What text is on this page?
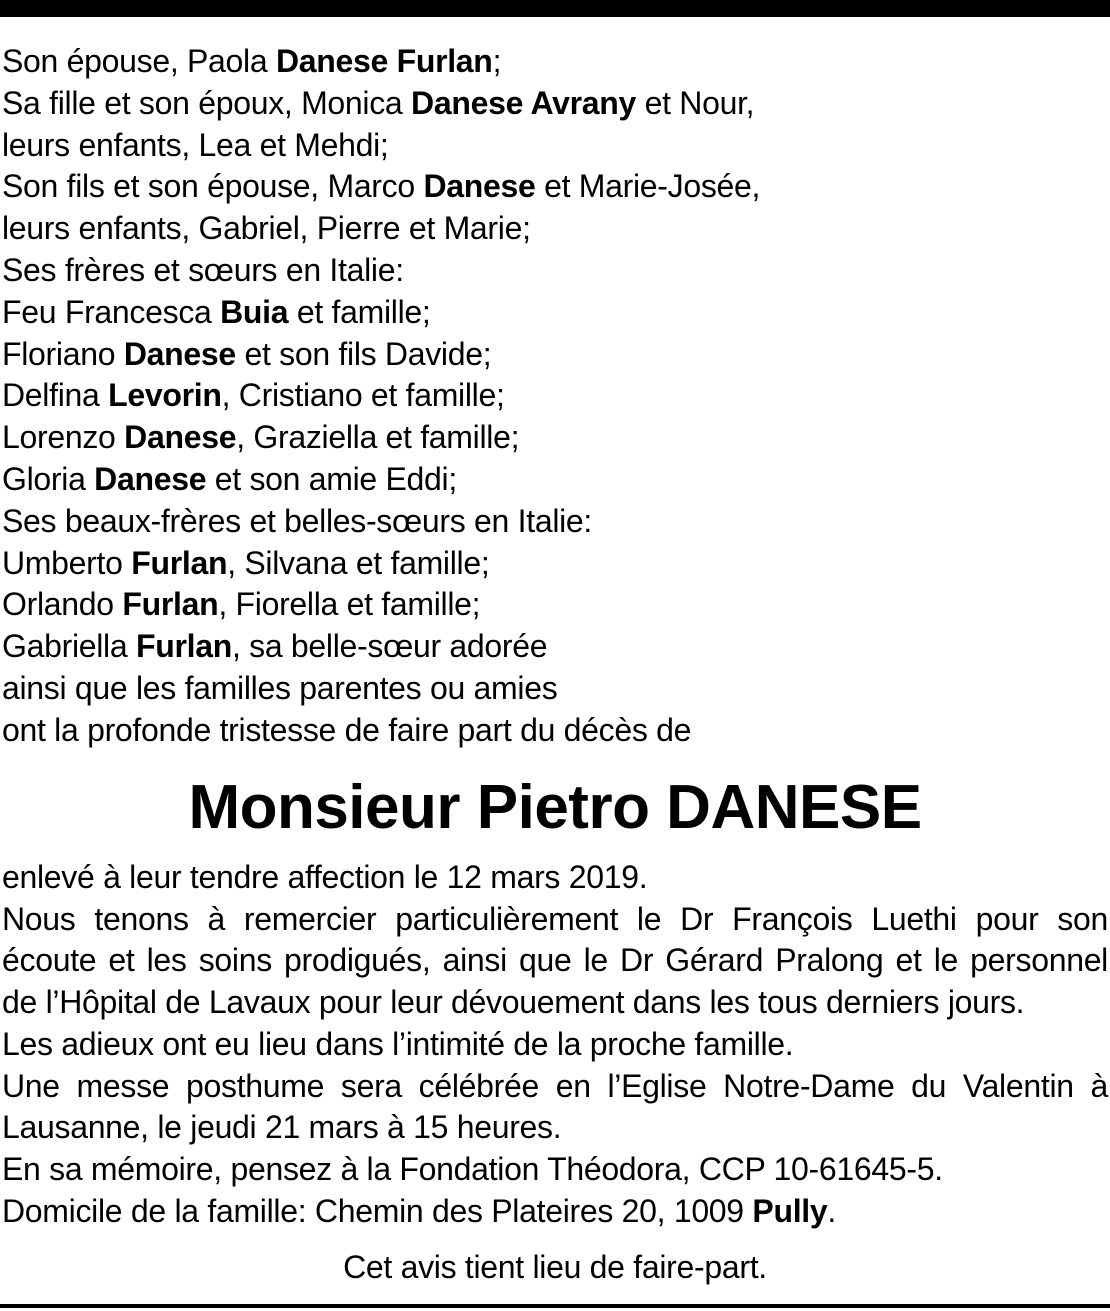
Son épouse, Paola Danese Furlan;
Sa fille et son époux, Monica Danese Avrany et Nour,
leurs enfants, Lea et Mehdi;
Son fils et son épouse, Marco Danese et Marie-Josée,
leurs enfants, Gabriel, Pierre et Marie;
Ses frères et sœurs en Italie:
Feu Francesca Buia et famille;
Floriano Danese et son fils Davide;
Delfina Levorin, Cristiano et famille;
Lorenzo Danese, Graziella et famille;
Gloria Danese et son amie Eddi;
Ses beaux-frères et belles-sœurs en Italie:
Umberto Furlan, Silvana et famille;
Orlando Furlan, Fiorella et famille;
Gabriella Furlan, sa belle-sœur adorée
ainsi que les familles parentes ou amies
ont la profonde tristesse de faire part du décès de
Monsieur Pietro DANESE
enlevé à leur tendre affection le 12 mars 2019.
Nous tenons à remercier particulièrement le Dr François Luethi pour son
écoute et les soins prodigués, ainsi que le Dr Gérard Pralong et le personnel
de l’Hôpital de Lavaux pour leur dévouement dans les tous derniers jours.
Les adieux ont eu lieu dans l’intimité de la proche famille.
Une messe posthume sera célébrée en l’Eglise Notre-Dame du Valentin à
Lausanne, le jeudi 21 mars à 15 heures.
En sa mémoire, pensez à la Fondation Théodora, CCP 10-61645-5.
Domicile de la famille: Chemin des Plateires 20, 1009 Pully.
Cet avis tient lieu de faire-part.
